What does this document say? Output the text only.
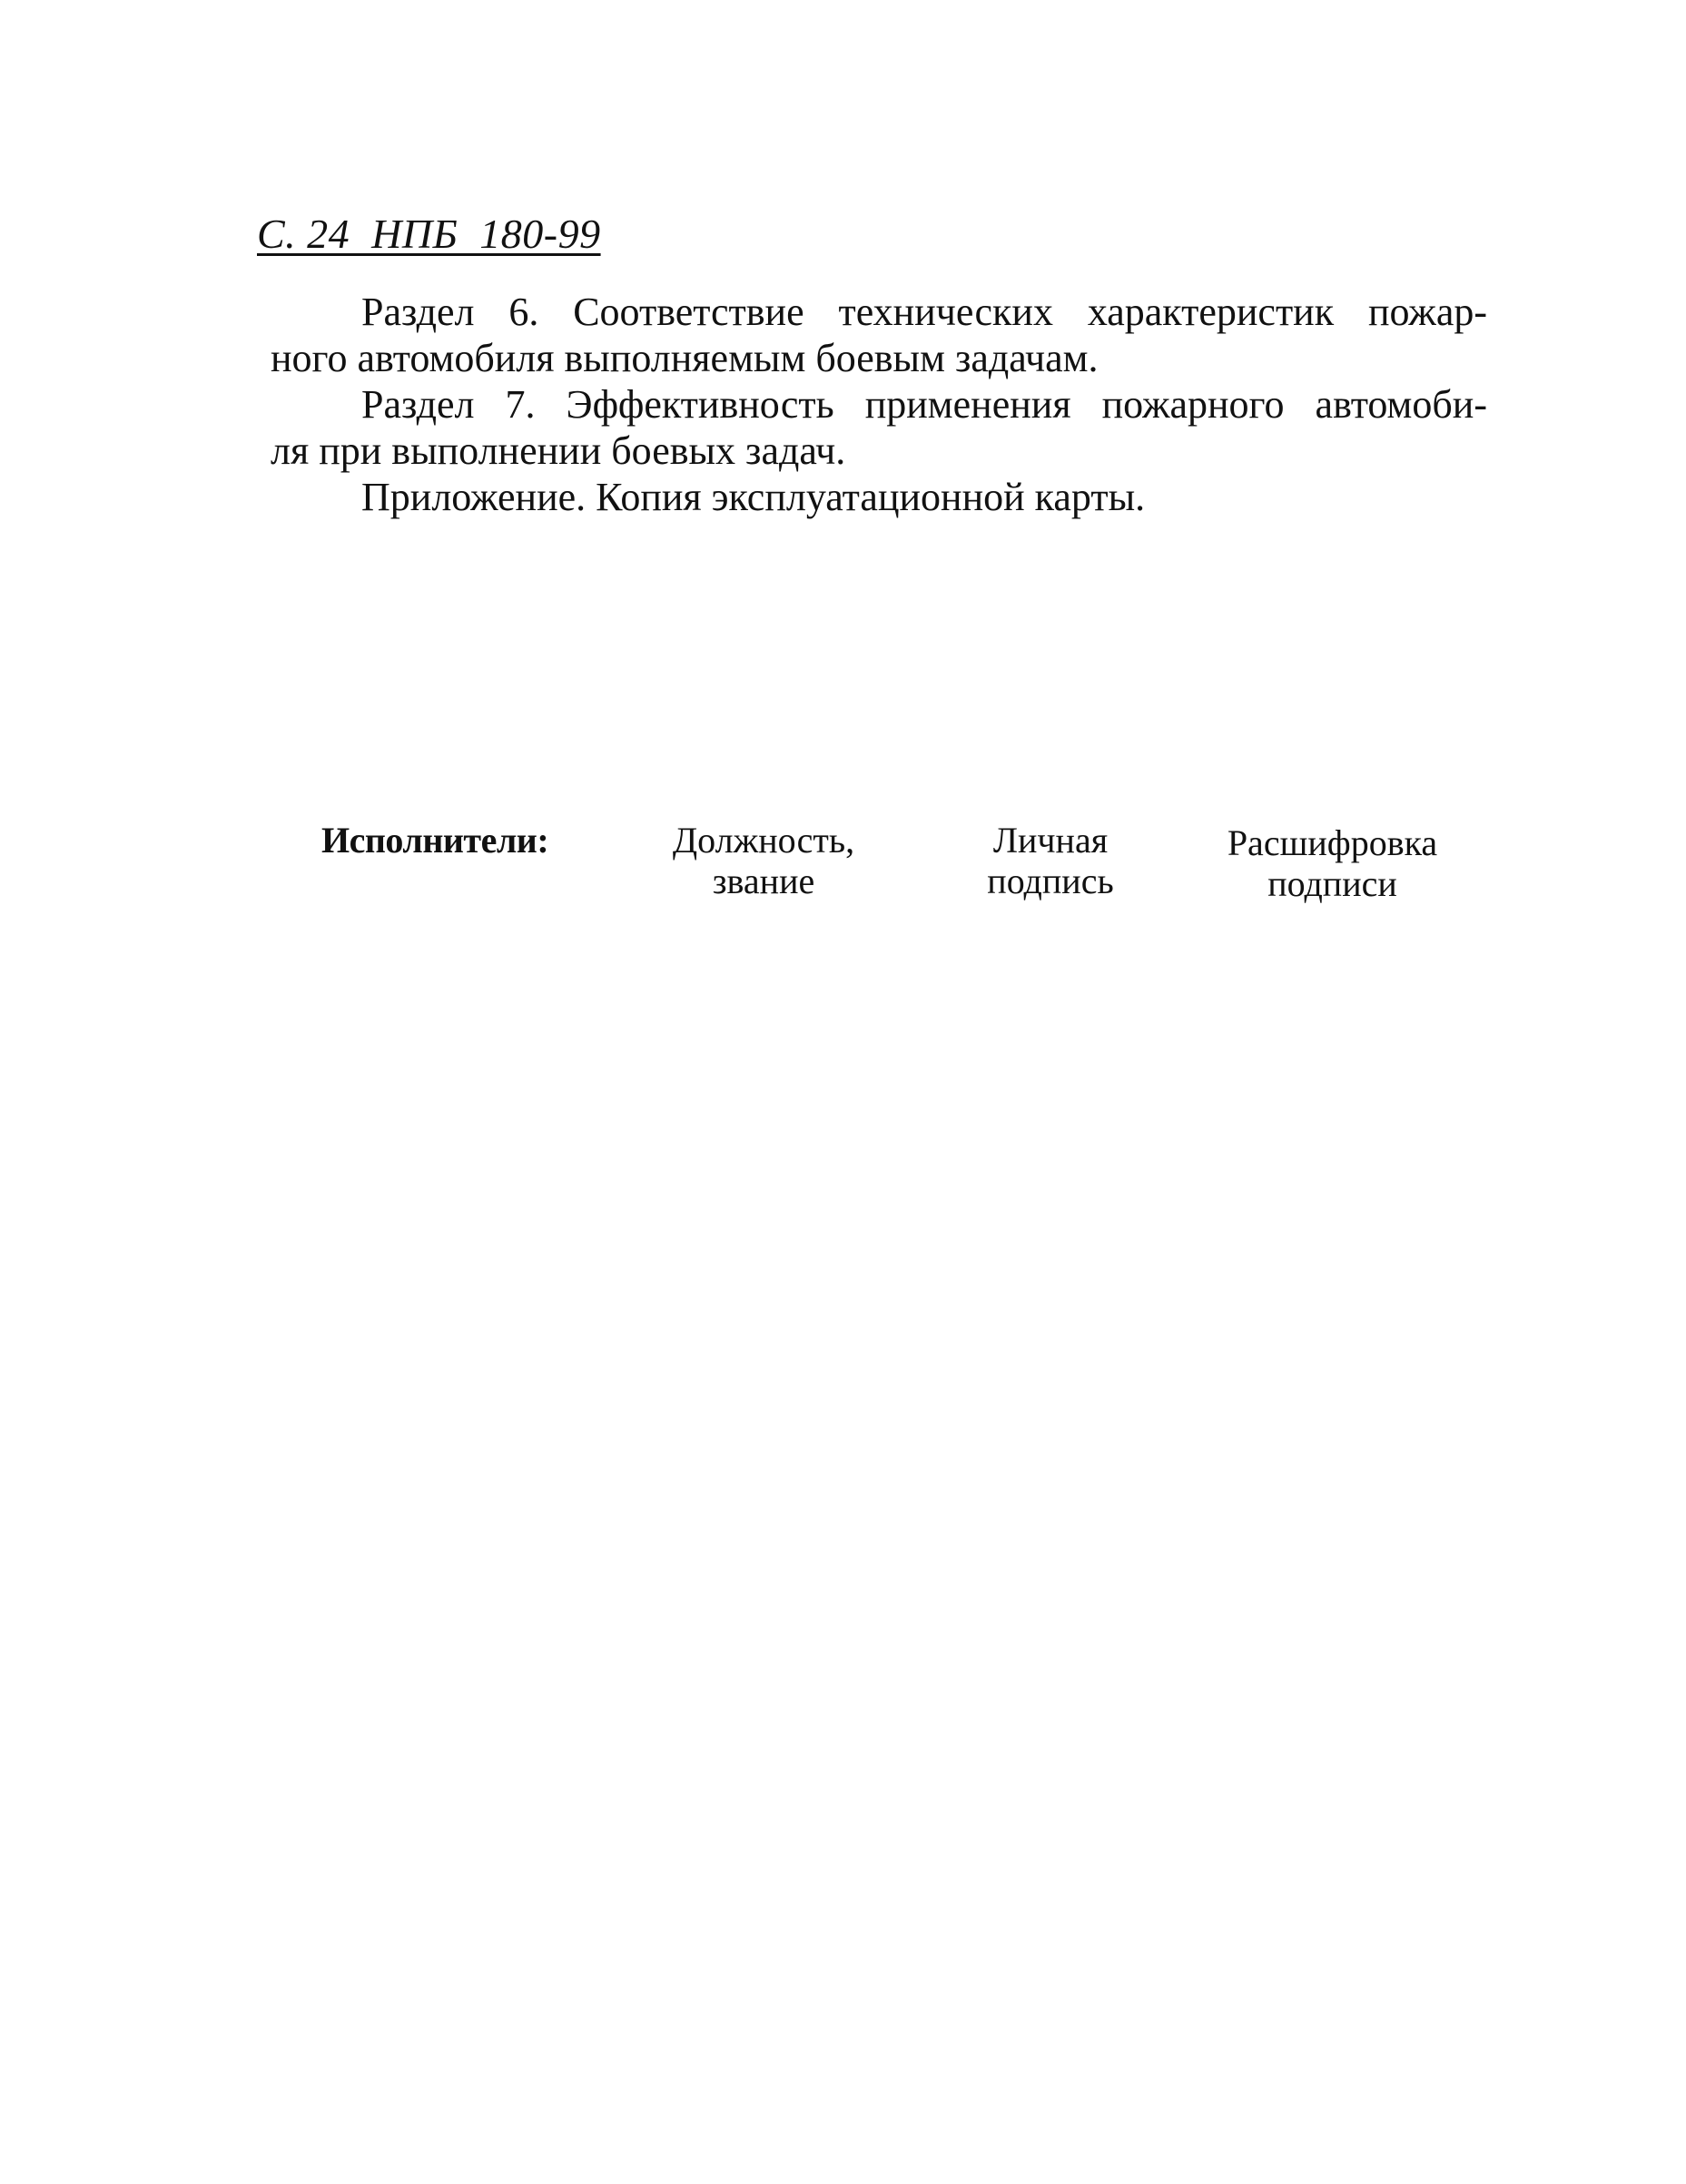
С. 24  НПБ  180-99

Раздел 6. Соответствие технических характеристик пожар-
ного автомобиля выполняемым боевым задачам.

Раздел 7. Эффективность применения пожарного автомоби-
ля при выполнении боевых задач.

Приложение. Копия эксплуатационной карты.

Исполнители:	Должность,
звание
Личная
подпись
Расшифровка
подписи
